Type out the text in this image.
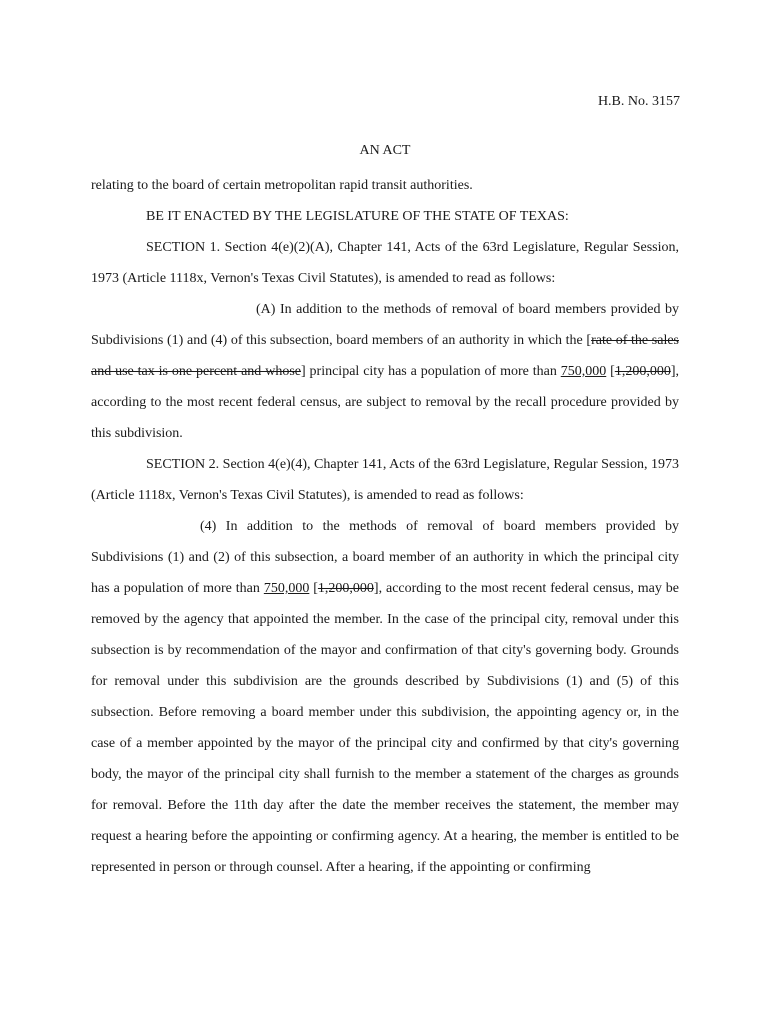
H.B. No. 3157
AN ACT

relating to the board of certain metropolitan rapid transit authorities.

BE IT ENACTED BY THE LEGISLATURE OF THE STATE OF TEXAS:

SECTION 1. Section 4(e)(2)(A), Chapter 141, Acts of the 63rd Legislature, Regular Session, 1973 (Article 1118x, Vernon's Texas Civil Statutes), is amended to read as follows:

(A) In addition to the methods of removal of board members provided by Subdivisions (1) and (4) of this subsection, board members of an authority in which the [rate of the sales and use tax is one percent and whose] principal city has a population of more than 750,000 [1,200,000], according to the most recent federal census, are subject to removal by the recall procedure provided by this subdivision.

SECTION 2. Section 4(e)(4), Chapter 141, Acts of the 63rd Legislature, Regular Session, 1973 (Article 1118x, Vernon's Texas Civil Statutes), is amended to read as follows:

(4) In addition to the methods of removal of board members provided by Subdivisions (1) and (2) of this subsection, a board member of an authority in which the principal city has a population of more than 750,000 [1,200,000], according to the most recent federal census, may be removed by the agency that appointed the member. In the case of the principal city, removal under this subsection is by recommendation of the mayor and confirmation of that city's governing body. Grounds for removal under this subdivision are the grounds described by Subdivisions (1) and (5) of this subsection. Before removing a board member under this subdivision, the appointing agency or, in the case of a member appointed by the mayor of the principal city and confirmed by that city's governing body, the mayor of the principal city shall furnish to the member a statement of the charges as grounds for removal. Before the 11th day after the date the member receives the statement, the member may request a hearing before the appointing or confirming agency. At a hearing, the member is entitled to be represented in person or through counsel. After a hearing, if the appointing or confirming
